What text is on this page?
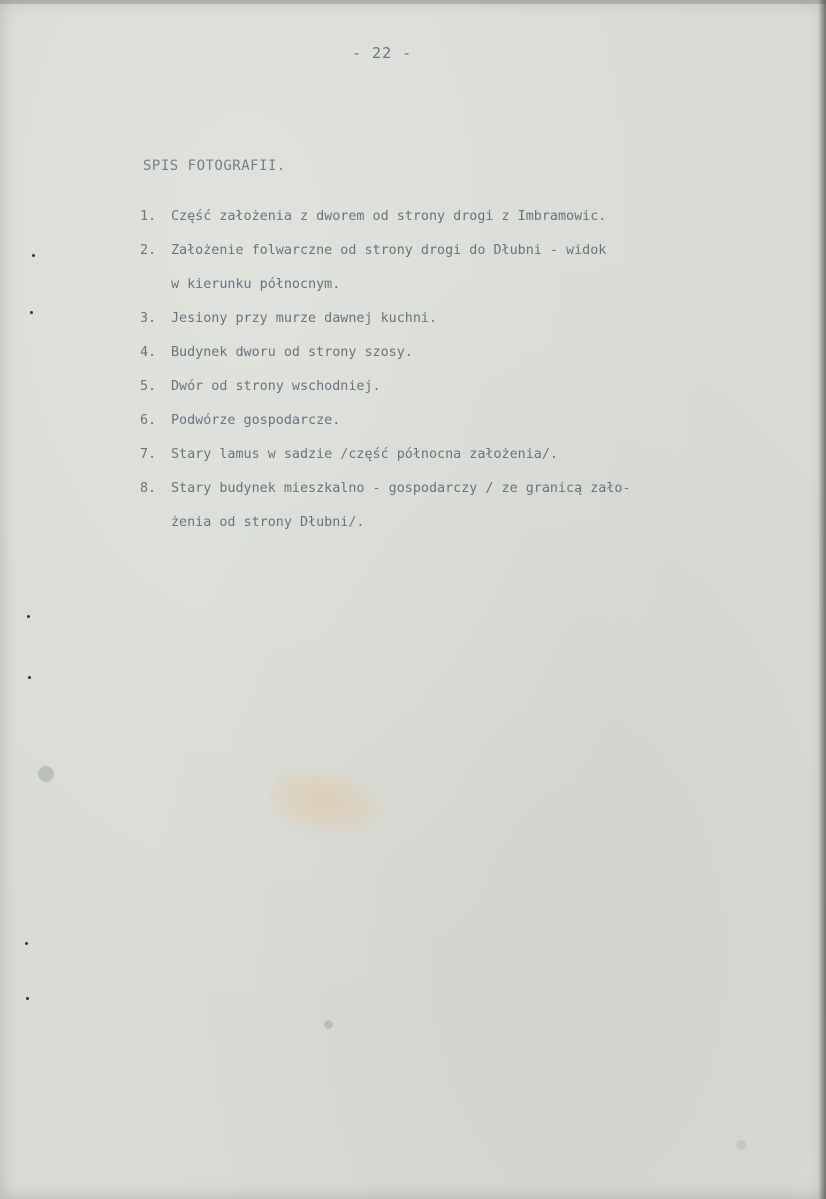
- 22 -
SPIS FOTOGRAFII.
1. Część założenia z dworem od strony drogi z Imbramowic.
2. Założenie folwarczne od strony drogi do Dłubni - widok
w kierunku północnym.
3. Jesiony przy murze dawnej kuchni.
4. Budynek dworu od strony szosy.
5. Dwór od strony wschodniej.
6. Podwórze gospodarcze.
7. Stary lamus w sadzie /część północna założenia/.
8. Stary budynek mieszkalno - gospodarczy / ze granicą zało-
żenia od strony Dłubni/.
